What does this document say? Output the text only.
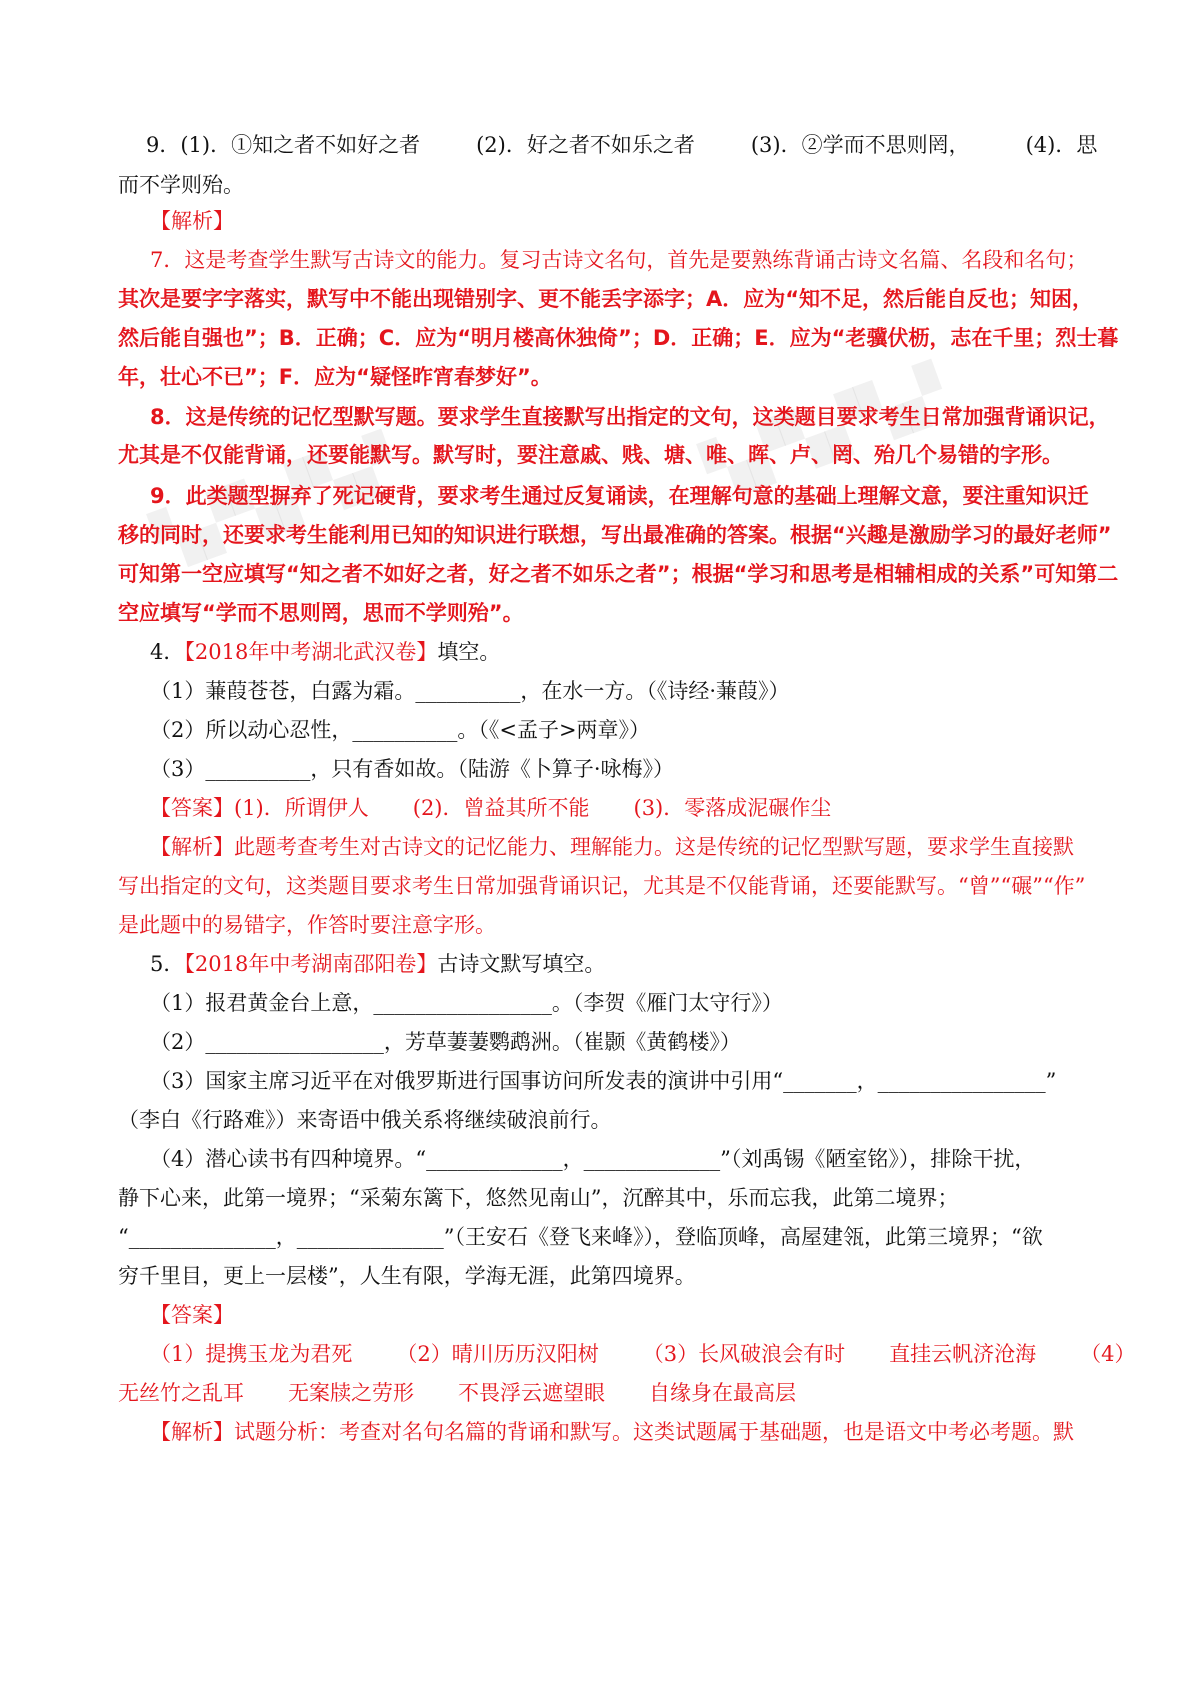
▚▞▚▞▚▞	▚▞▚▞▚▞
9．(1)．①知之者不如好之者	(2)．好之者不如乐之者	(3)．②学而不思则罔，	(4)．思
而不学则殆。
【解析】
7．这是考查学生默写古诗文的能力。复习古诗文名句，首先是要熟练背诵古诗文名篇、名段和名句；
其次是要字字落实，默写中不能出现错别字、更不能丢字添字；A．应为“知不足，然后能自反也；知困，
然后能自强也”；B．正确；C．应为“明月楼高休独倚”；D．正确；E．应为“老骥伏枥，志在千里；烈士暮
年，壮心不已”；F．应为“疑怪昨宵春梦好”。
8．这是传统的记忆型默写题。要求学生直接默写出指定的文句，这类题目要求考生日常加强背诵识记，
尤其是不仅能背诵，还要能默写。默写时，要注意戚、贱、塘、唯、晖、卢、罔、殆几个易错的字形。
9．此类题型摒弃了死记硬背，要求考生通过反复诵读，在理解句意的基础上理解文意，要注重知识迁
移的同时，还要求考生能利用已知的知识进行联想，写出最准确的答案。根据“兴趣是激励学习的最好老师”
可知第一空应填写“知之者不如好之者，好之者不如乐之者”；根据“学习和思考是相辅相成的关系”可知第二
空应填写“学而不思则罔，思而不学则殆”。
4．【2018年中考湖北武汉卷】填空。
（1）蒹葭苍苍，白露为霜。__________，在水一方。（《诗经·蒹葭》）
（2）所以动心忍性，__________。（《<孟子>两章》）
（3）__________，只有香如故。（陆游《卜算子·咏梅》）
【答案】(1)．所谓伊人 (2)．曾益其所不能 (3)．零落成泥碾作尘
【解析】此题考查考生对古诗文的记忆能力、理解能力。这是传统的记忆型默写题，要求学生直接默
写出指定的文句，这类题目要求考生日常加强背诵识记，尤其是不仅能背诵，还要能默写。“曾”“碾”“作”
是此题中的易错字，作答时要注意字形。
5．【2018年中考湖南邵阳卷】古诗文默写填空。
（1）报君黄金台上意，_________________。（李贺《雁门太守行》）
（2）_________________，芳草萋萋鹦鹉洲。（崔颢《黄鹤楼》）
（3）国家主席习近平在对俄罗斯进行国事访问所发表的演讲中引用“_______，________________”
（李白《行路难》）来寄语中俄关系将继续破浪前行。
（4）潜心读书有四种境界。“_____________，_____________”（刘禹锡《陋室铭》），排除干扰，
静下心来，此第一境界；“采菊东篱下，悠然见南山”，沉醉其中，乐而忘我，此第二境界；
“______________，______________”（王安石《登飞来峰》），登临顶峰，高屋建瓴，此第三境界；“欲
穷千里目，更上一层楼”，人生有限，学海无涯，此第四境界。
【答案】
（1）提携玉龙为君死 （2）晴川历历汉阳树 （3）长风破浪会有时 直挂云帆济沧海 （4）
无丝竹之乱耳 无案牍之劳形 不畏浮云遮望眼 自缘身在最高层
【解析】试题分析：考查对名句名篇的背诵和默写。这类试题属于基础题，也是语文中考必考题。默
